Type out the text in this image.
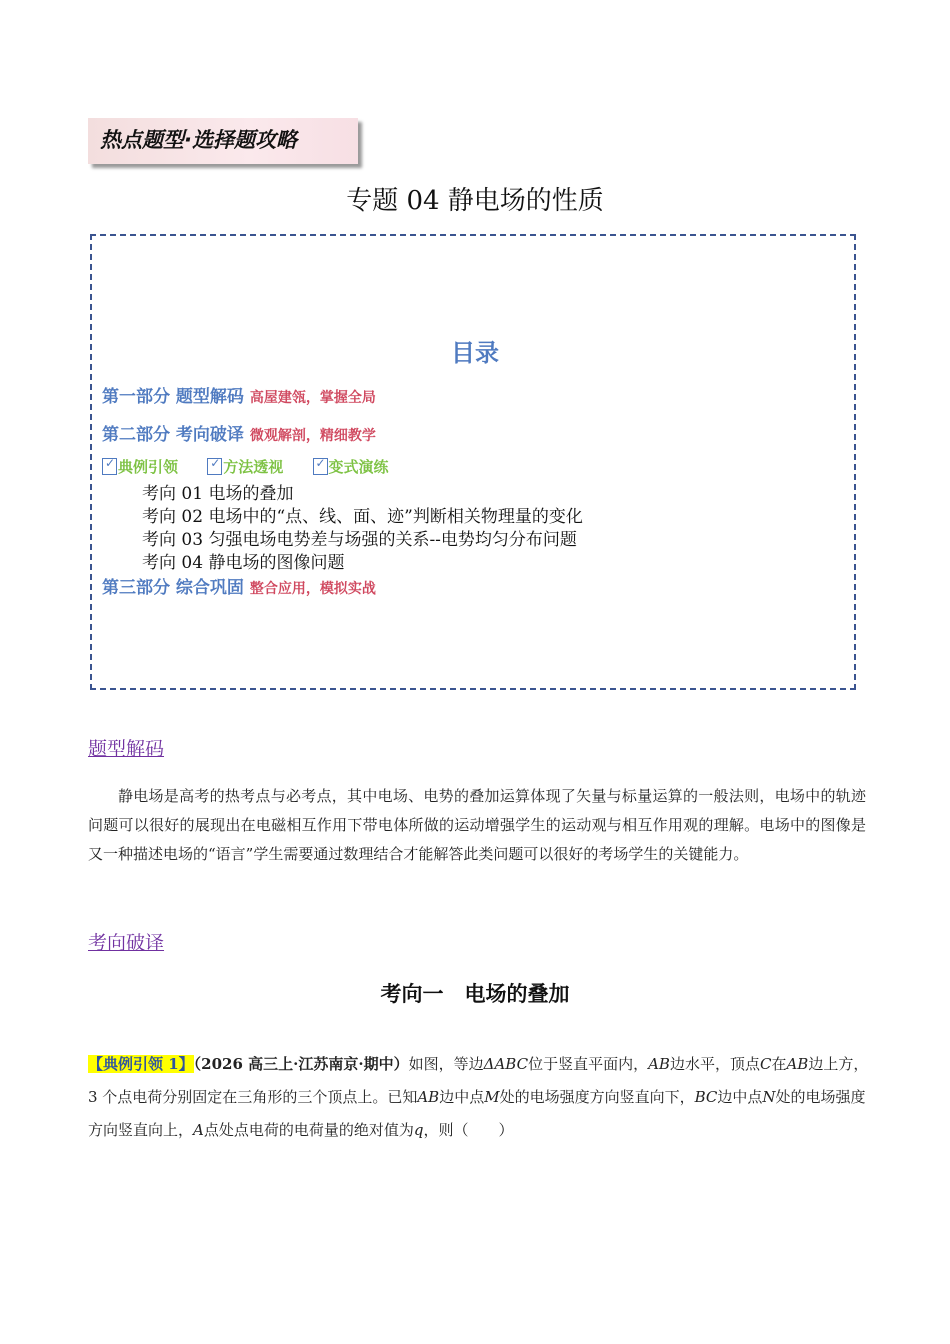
热点题型·选择题攻略
专题 04 静电场的性质
目录
第一部分 题型解码 高屋建瓴，掌握全局
第二部分 考向破译 微观解剖，精细教学
✓
典例引领
✓	方法透视
✓	变式演练
考向 01 电场的叠加
考向 02 电场中的“点、线、面、迹”判断相关物理量的变化
考向 03 匀强电场电势差与场强的关系--电势均匀分布问题
考向 04 静电场的图像问题
第三部分 综合巩固 整合应用，模拟实战
题型解码
静电场是高考的热考点与必考点，其中电场、电势的叠加运算体现了矢量与标量运算的一般法则，电场中的轨迹问题可以很好的展现出在电磁相互作用下带电体所做的运动增强学生的运动观与相互作用观的理解。电场中的图像是又一种描述电场的“语言”学生需要通过数理结合才能解答此类问题可以很好的考场学生的关键能力。
考向破译
考向一　电场的叠加
【典例引领 1】（2026 高三上·江苏南京·期中）如图，等边ΔABC位于竖直平面内，AB边水平，顶点C在AB边上方，3 个点电荷分别固定在三角形的三个顶点上。已知AB边中点M处的电场强度方向竖直向下，BC边中点N处的电场强度方向竖直向上，A点处点电荷的电荷量的绝对值为q，则（　　）
